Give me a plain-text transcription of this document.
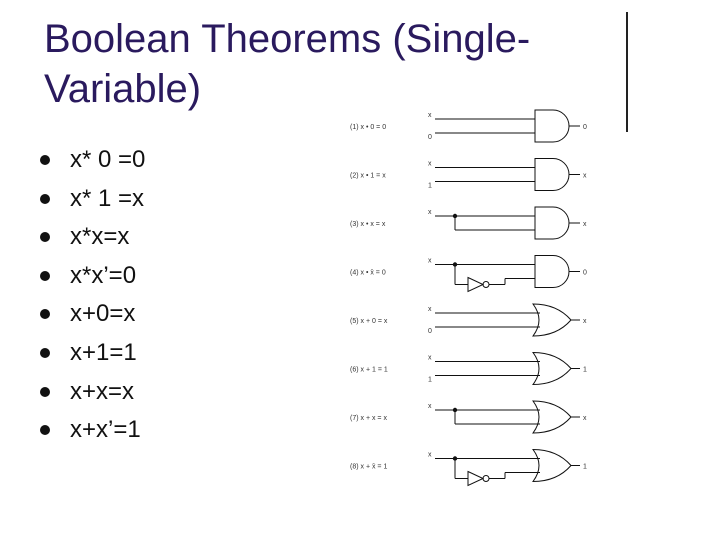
Boolean Theorems (Single-
Variable)
x* 0 =0
x* 1 =x
x*x=x
x*x’=0
x+0=x
x+1=1
x+x=x
x+x’=1
(1) x • 0 = 0
x
0
0
(2) x • 1 = x
x
1
x
(3) x • x = x
x
x
(4) x • x̄ = 0
x
0
(5) x + 0 = x
x
0
x
(6) x + 1 = 1
x
1
1
(7) x + x = x
x
x
(8) x + x̄ = 1
x
1
